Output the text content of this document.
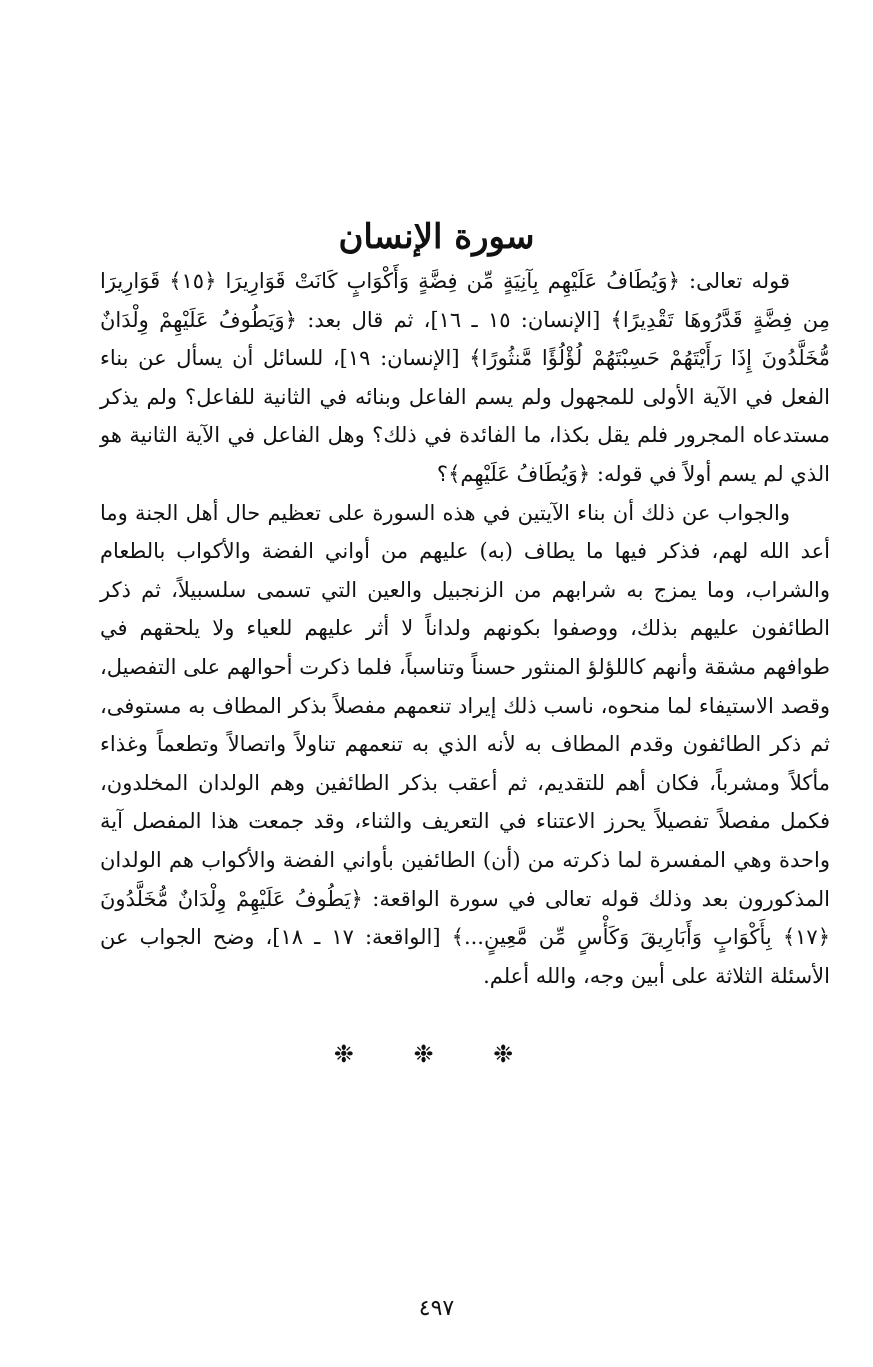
سورة الإنسان

قوله تعالى: ﴿وَيُطَافُ عَلَيْهِم بِآنِيَةٍ مِّن فِضَّةٍ وَأَكْوَابٍ كَانَتْ قَوَارِيرَا ﴿١٥﴾ قَوَارِيرَا مِن فِضَّةٍ قَدَّرُوهَا تَقْدِيرًا﴾ [الإنسان: ١٥ ـ ١٦]، ثم قال بعد: ﴿وَيَطُوفُ عَلَيْهِمْ وِلْدَانٌ مُّخَلَّدُونَ إِذَا رَأَيْتَهُمْ حَسِبْتَهُمْ لُؤْلُؤًا مَّنثُورًا﴾ [الإنسان: ١٩]، للسائل أن يسأل عن بناء الفعل في الآية الأولى للمجهول ولم يسم الفاعل وبنائه في الثانية للفاعل؟ ولم يذكر مستدعاه المجرور فلم يقل بكذا، ما الفائدة في ذلك؟ وهل الفاعل في الآية الثانية هو الذي لم يسم أولاً في قوله: ﴿وَيُطَافُ عَلَيْهِم﴾؟

والجواب عن ذلك أن بناء الآيتين في هذه السورة على تعظيم حال أهل الجنة وما أعد الله لهم، فذكر فيها ما يطاف (به) عليهم من أواني الفضة والأكواب بالطعام والشراب، وما يمزج به شرابهم من الزنجبيل والعين التي تسمى سلسبيلاً، ثم ذكر الطائفون عليهم بذلك، ووصفوا بكونهم ولداناً لا أثر عليهم للعياء ولا يلحقهم في طوافهم مشقة وأنهم كاللؤلؤ المنثور حسناً وتناسباً، فلما ذكرت أحوالهم على التفصيل، وقصد الاستيفاء لما منحوه، ناسب ذلك إيراد تنعمهم مفصلاً بذكر المطاف به مستوفى، ثم ذكر الطائفون وقدم المطاف به لأنه الذي به تنعمهم تناولاً واتصالاً وتطعماً وغذاء مأكلاً ومشرباً، فكان أهم للتقديم، ثم أعقب بذكر الطائفين وهم الولدان المخلدون، فكمل مفصلاً تفصيلاً يحرز الاعتناء في التعريف والثناء، وقد جمعت هذا المفصل آية واحدة وهي المفسرة لما ذكرته من (أن) الطائفين بأواني الفضة والأكواب هم الولدان المذكورون بعد وذلك قوله تعالى في سورة الواقعة: ﴿يَطُوفُ عَلَيْهِمْ وِلْدَانٌ مُّخَلَّدُونَ ﴿١٧﴾ بِأَكْوَابٍ وَأَبَارِيقَ وَكَأْسٍ مِّن مَّعِينٍ...﴾ [الواقعة: ١٧ ـ ١٨]، وضح الجواب عن الأسئلة الثلاثة على أبين وجه، والله أعلم.

❉ ❉ ❉
٤٩٧
